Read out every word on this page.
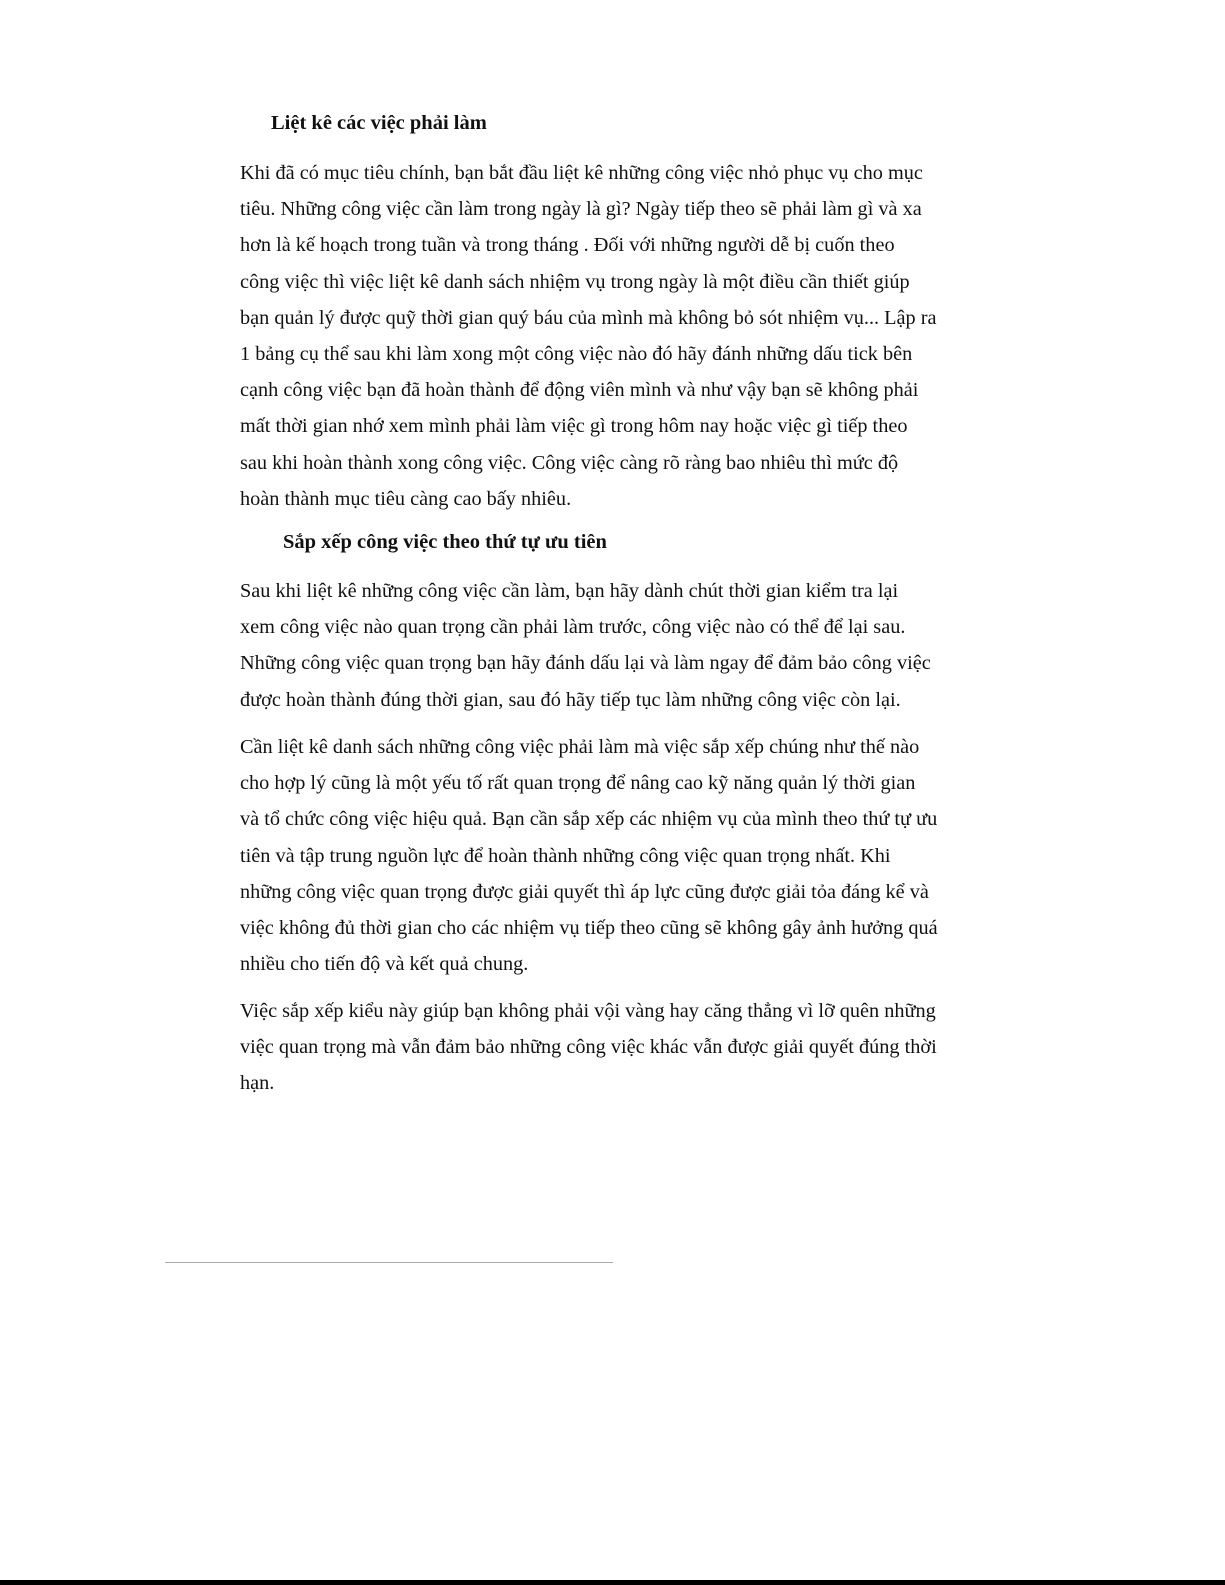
Liệt kê các việc phải làm

Khi đã có mục tiêu chính, bạn bắt đầu liệt kê những công việc nhỏ phục vụ cho mục
tiêu. Những công việc cần làm trong ngày là gì? Ngày tiếp theo sẽ phải làm gì và xa
hơn là kế hoạch trong tuần và trong tháng . Đối với những người dễ bị cuốn theo
công việc thì việc liệt kê danh sách nhiệm vụ trong ngày là một điều cần thiết giúp
bạn quản lý được quỹ thời gian quý báu của mình mà không bỏ sót nhiệm vụ... Lập ra
1 bảng cụ thể sau khi làm xong một công việc nào đó hãy đánh những dấu tick bên
cạnh công việc bạn đã hoàn thành để động viên mình và như vậy bạn sẽ không phải
mất thời gian nhớ xem mình phải làm việc gì trong hôm nay hoặc việc gì tiếp theo
sau khi hoàn thành xong công việc. Công việc càng rõ ràng bao nhiêu thì mức độ
hoàn thành mục tiêu càng cao bấy nhiêu.

Sắp xếp công việc theo thứ tự ưu tiên

Sau khi liệt kê những công việc cần làm, bạn hãy dành chút thời gian kiểm tra lại
xem công việc nào quan trọng cần phải làm trước, công việc nào có thể để lại sau.
Những công việc quan trọng bạn hãy đánh dấu lại và làm ngay để đảm bảo công việc
được hoàn thành đúng thời gian, sau đó hãy tiếp tục làm những công việc còn lại.

Cần liệt kê danh sách những công việc phải làm mà việc sắp xếp chúng như thế nào
cho hợp lý cũng là một yếu tố rất quan trọng để nâng cao kỹ năng quản lý thời gian
và tổ chức công việc hiệu quả. Bạn cần sắp xếp các nhiệm vụ của mình theo thứ tự ưu
tiên và tập trung nguồn lực để hoàn thành những công việc quan trọng nhất. Khi
những công việc quan trọng được giải quyết thì áp lực cũng được giải tỏa đáng kể và
việc không đủ thời gian cho các nhiệm vụ tiếp theo cũng sẽ không gây ảnh hưởng quá
nhiều cho tiến độ và kết quả chung.

Việc sắp xếp kiểu này giúp bạn không phải vội vàng hay căng thẳng vì lỡ quên những
việc quan trọng mà vẫn đảm bảo những công việc khác vẫn được giải quyết đúng thời
hạn.
